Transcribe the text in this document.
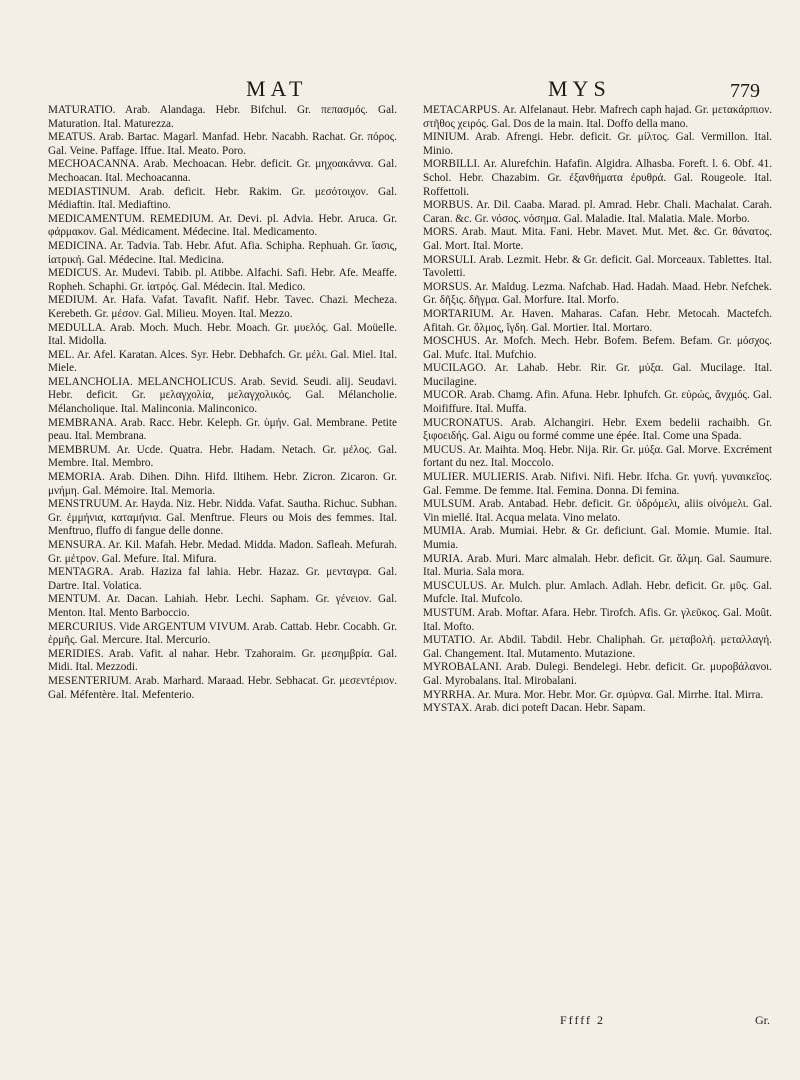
MAT	MYS	779

MATURATIO. Arab. Alandaga. Hebr. Bifchul. Gr. πεπασμός. Gal. Maturation. Ital. Maturezza.

MEATUS. Arab. Bartac. Magarl. Manfad. Hebr. Nacabh. Rachat. Gr. πόρος. Gal. Veine. Paffage. Iffue. Ital. Meato. Poro.

MECHOACANNA. Arab. Mechoacan. Hebr. deficit. Gr. μηχοακάννα. Gal. Mechoacan. Ital. Mechoacanna.

MEDIASTINUM. Arab. deficit. Hebr. Rakim. Gr. μεσότοιχον. Gal. Médiaftin. Ital. Mediaftino.

MEDICAMENTUM. REMEDIUM. Ar. Devi. pl. Advia. Hebr. Aruca. Gr. φάρμακον. Gal. Médicament. Médecine. Ital. Medicamento.

MEDICINA. Ar. Tadvia. Tab. Hebr. Afut. Afia. Schipha. Rephuah. Gr. ἴασις, ἰατρική. Gal. Médecine. Ital. Medicina.

MEDICUS. Ar. Mudevi. Tabib. pl. Atibbe. Alfachi. Safi. Hebr. Afe. Meaffe. Ropheh. Schaphi. Gr. ἰατρός. Gal. Médecin. Ital. Medico.

MEDIUM. Ar. Hafa. Vafat. Tavafit. Nafif. Hebr. Tavec. Chazi. Mecheza. Kerebeth. Gr. μέσον. Gal. Milieu. Moyen. Ital. Mezzo.

MEDULLA. Arab. Moch. Much. Hebr. Moach. Gr. μυελός. Gal. Moüelle. Ital. Midolla.

MEL. Ar. Afel. Karatan. Alces. Syr. Hebr. Debhafch. Gr. μέλι. Gal. Miel. Ital. Miele.

MELANCHOLIA. MELANCHOLICUS. Arab. Sevid. Seudi. alij. Seudavi. Hebr. deficit. Gr. μελαγχολία, μελαγχολικός. Gal. Mélancholie. Mélancholique. Ital. Malinconia. Malinconico.

MEMBRANA. Arab. Racc. Hebr. Keleph. Gr. ὑμήν. Gal. Membrane. Petite peau. Ital. Membrana.

MEMBRUM. Ar. Ucde. Quatra. Hebr. Hadam. Netach. Gr. μέλος. Gal. Membre. Ital. Membro.

MEMORIA. Arab. Dihen. Dihn. Hifd. Iltihem. Hebr. Zicron. Zicaron. Gr. μνήμη. Gal. Mémoire. Ital. Memoria.

MENSTRUUM. Ar. Hayda. Niz. Hebr. Nidda. Vafat. Sautha. Richuc. Subhan. Gr. ἐμμήνια, καταμήνια. Gal. Menftrue. Fleurs ou Mois des femmes. Ital. Menftruo, fluffo di fangue delle donne.

MENSURA. Ar. Kil. Mafah. Hebr. Medad. Midda. Madon. Safleah. Mefurah. Gr. μέτρον. Gal. Mefure. Ital. Mifura.

MENTAGRA. Arab. Haziza fal lahia. Hebr. Hazaz. Gr. μενταγρα. Gal. Dartre. Ital. Volatica.

MENTUM. Ar. Dacan. Lahiah. Hebr. Lechi. Sapham. Gr. γένειον. Gal. Menton. Ital. Mento Barboccio.

MERCURIUS. Vide ARGENTUM VIVUM. Arab. Cattab. Hebr. Cocabh. Gr. ἑρμῆς. Gal. Mercure. Ital. Mercurio.

MERIDIES. Arab. Vafit. al nahar. Hebr. Tzahoraim. Gr. μεσημβρία. Gal. Midi. Ital. Mezzodi.

MESENTERIUM. Arab. Marhard. Maraad. Hebr. Sebhacat. Gr. μεσεντέριον. Gal. Méfentère. Ital. Mefenterio.

METACARPUS. Ar. Alfelanaut. Hebr. Mafrech caph hajad. Gr. μετακάρπιον. στῆθος χειρός. Gal. Dos de la main. Ital. Doffo della mano.

MINIUM. Arab. Afrengi. Hebr. deficit. Gr. μίλτος. Gal. Vermillon. Ital. Minio.

MORBILLI. Ar. Alurefchin. Hafafin. Algidra. Alhasba. Foreft. l. 6. Obf. 41. Schol. Hebr. Chazabim. Gr. ἐξανθήματα ἐρυθρά. Gal. Rougeole. Ital. Roffettoli.

MORBUS. Ar. Dil. Caaba. Marad. pl. Amrad. Hebr. Chali. Machalat. Carah. Caran. &c. Gr. νόσος. νόσημα. Gal. Maladie. Ital. Malatia. Male. Morbo.

MORS. Arab. Maut. Mita. Fani. Hebr. Mavet. Mut. Met. &c. Gr. θάνατος. Gal. Mort. Ital. Morte.

MORSULI. Arab. Lezmit. Hebr. & Gr. deficit. Gal. Morceaux. Tablettes. Ital. Tavoletti.

MORSUS. Ar. Maldug. Lezma. Nafchab. Had. Hadah. Maad. Hebr. Nefchek. Gr. δῆξις. δῆγμα. Gal. Morfure. Ital. Morfo.

MORTARIUM. Ar. Haven. Maharas. Cafan. Hebr. Metocah. Mactefch. Afitah. Gr. ὅλμος, ἴγδη. Gal. Mortier. Ital. Mortaro.

MOSCHUS. Ar. Mofch. Mech. Hebr. Bofem. Befem. Befam. Gr. μόσχος. Gal. Mufc. Ital. Mufchio.

MUCILAGO. Ar. Lahab. Hebr. Rir. Gr. μύξα. Gal. Mucilage. Ital. Mucilagine.

MUCOR. Arab. Chamg. Afin. Afuna. Hebr. Iphufch. Gr. εὐρώς, ἄνχμός. Gal. Moififfure. Ital. Muffa.

MUCRONATUS. Arab. Alchangiri. Hebr. Exem bedelii rachaibh. Gr. ξιφοειδής. Gal. Aigu ou formé comme une épée. Ital. Come una Spada.

MUCUS. Ar. Maihta. Moq. Hebr. Nija. Rir. Gr. μύξα. Gal. Morve. Excrément fortant du nez. Ital. Moccolo.

MULIER. MULIERIS. Arab. Nifivi. Nifi. Hebr. Ifcha. Gr. γυνή. γυναικεῖος. Gal. Femme. De femme. Ital. Femina. Donna. Di femina.

MULSUM. Arab. Antabad. Hebr. deficit. Gr. ὑδρόμελι, aliis οἰνόμελι. Gal. Vin miellé. Ital. Acqua melata. Vino melato.

MUMIA. Arab. Mumiai. Hebr. & Gr. deficiunt. Gal. Momie. Mumie. Ital. Mumia.

MURIA. Arab. Muri. Marc almalah. Hebr. deficit. Gr. ἅλμη. Gal. Saumure. Ital. Muria. Sala mora.

MUSCULUS. Ar. Mulch. plur. Amlach. Adlah. Hebr. deficit. Gr. μῦς. Gal. Mufcle. Ital. Mufcolo.

MUSTUM. Arab. Moftar. Afara. Hebr. Tirofch. Afis. Gr. γλεῦκος. Gal. Moût. Ital. Mofto.

MUTATIO. Ar. Abdil. Tabdil. Hebr. Chaliphah. Gr. μεταβολή. μεταλλαγή. Gal. Changement. Ital. Mutamento. Mutazione.

MYROBALANI. Arab. Dulegi. Bendelegi. Hebr. deficit. Gr. μυροβάλανοι. Gal. Myrobalans. Ital. Mirobalani.

MYRRHA. Ar. Mura. Mor. Hebr. Mor. Gr. σμύρνα. Gal. Mirrhe. Ital. Mirra.

MYSTAX. Arab. dici poteft Dacan. Hebr. Sapam.

Fffff 2	Gr.
